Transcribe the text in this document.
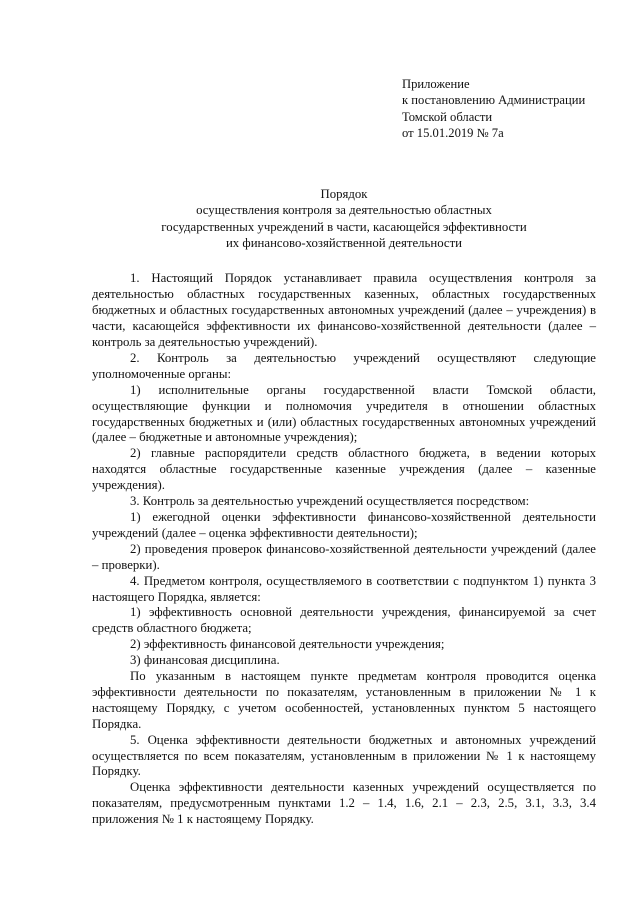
Приложение
к постановлению Администрации
Томской области
от 15.01.2019 № 7а
Порядок
осуществления контроля за деятельностью областных
государственных учреждений в части, касающейся эффективности
их финансово-хозяйственной деятельности

1. Настоящий Порядок устанавливает правила осуществления контроля за деятельностью областных государственных казенных, областных государственных бюджетных и областных государственных автономных учреждений (далее – учреждения) в части, касающейся эффективности их финансово-хозяйственной деятельности (далее – контроль за деятельностью учреждений).

2. Контроль за деятельностью учреждений осуществляют следующие уполномоченные органы:

1) исполнительные органы государственной власти Томской области, осуществляющие функции и полномочия учредителя в отношении областных государственных бюджетных и (или) областных государственных автономных учреждений (далее – бюджетные и автономные учреждения);

2) главные распорядители средств областного бюджета, в ведении которых находятся областные государственные казенные учреждения (далее – казенные учреждения).

3. Контроль за деятельностью учреждений осуществляется посредством:

1) ежегодной оценки эффективности финансово-хозяйственной деятельности учреждений (далее – оценка эффективности деятельности);

2) проведения проверок финансово-хозяйственной деятельности учреждений (далее – проверки).

4. Предметом контроля, осуществляемого в соответствии с подпунктом 1) пункта 3 настоящего Порядка, является:

1) эффективность основной деятельности учреждения, финансируемой за счет средств областного бюджета;

2) эффективность финансовой деятельности учреждения;

3) финансовая дисциплина.

По указанным в настоящем пункте предметам контроля проводится оценка эффективности деятельности по показателям, установленным в приложении № 1 к настоящему Порядку, с учетом особенностей, установленных пунктом 5 настоящего Порядка.

5. Оценка эффективности деятельности бюджетных и автономных учреждений осуществляется по всем показателям, установленным в приложении № 1 к настоящему Порядку.

Оценка эффективности деятельности казенных учреждений осуществляется по показателям, предусмотренным пунктами 1.2 – 1.4, 1.6, 2.1 – 2.3, 2.5, 3.1, 3.3, 3.4 приложения № 1 к настоящему Порядку.
